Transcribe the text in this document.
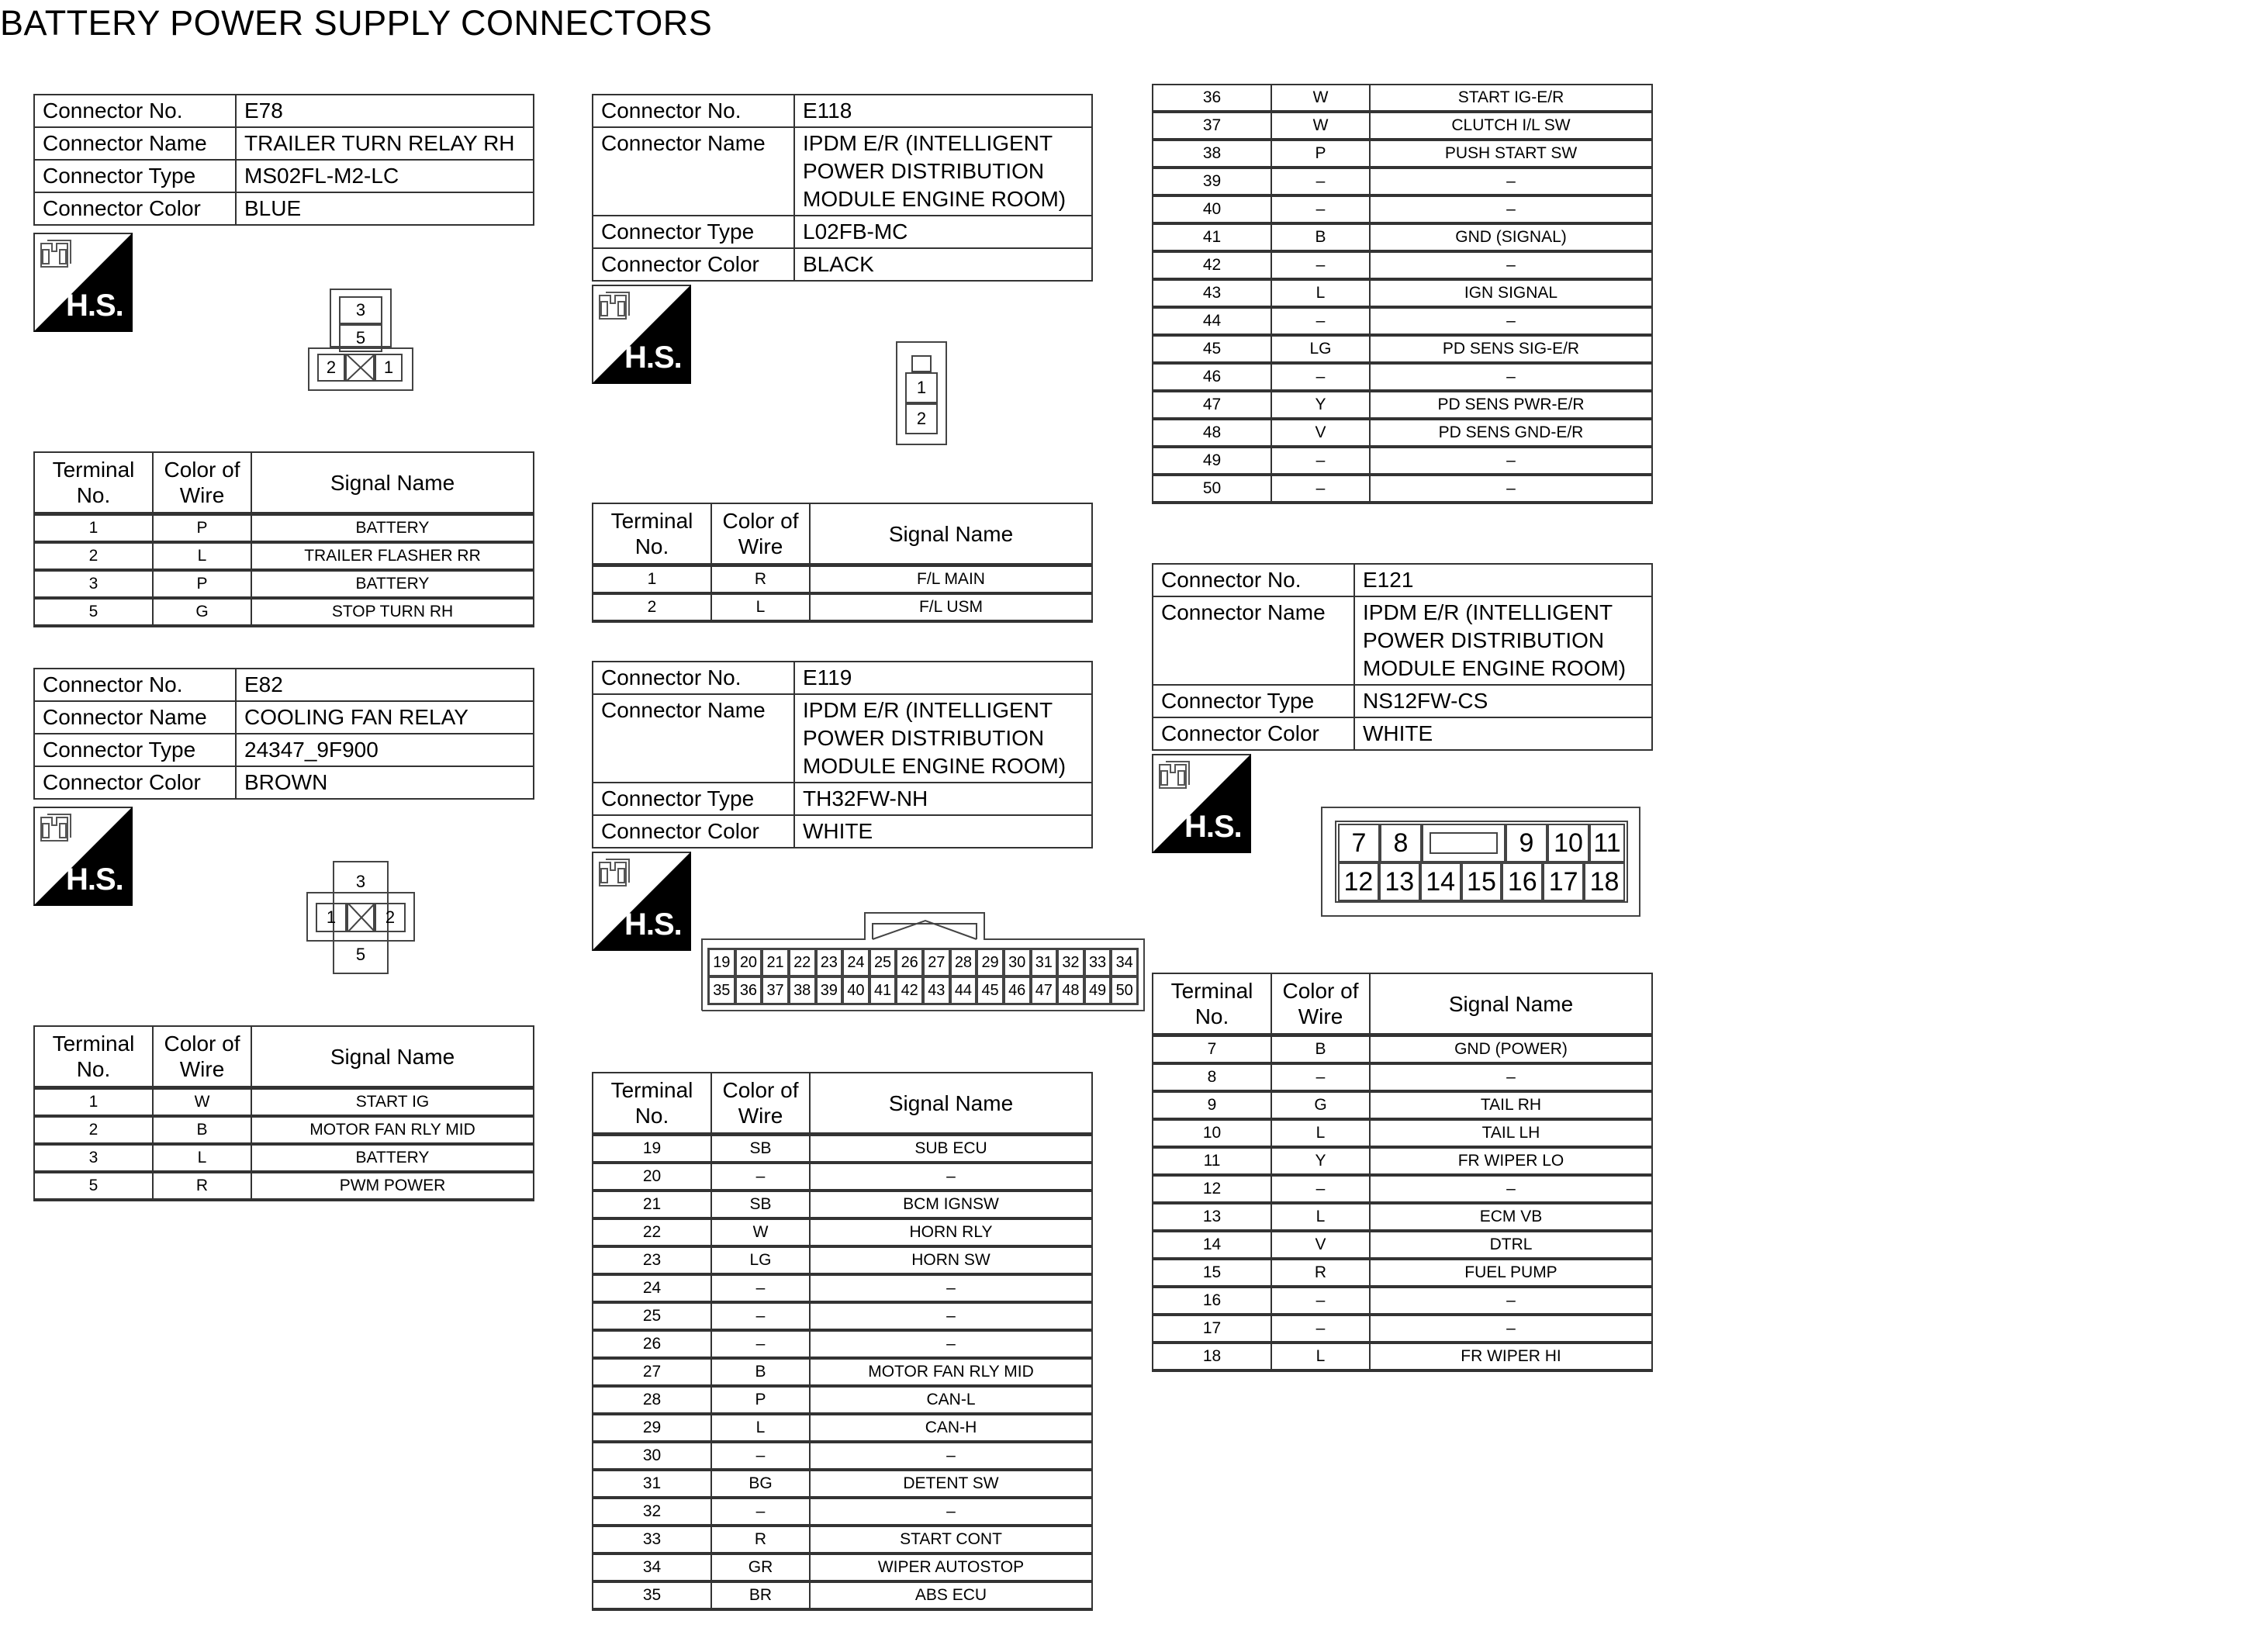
BATTERY POWER SUPPLY CONNECTORS
Connector No.	E78
Connector Name	TRAILER TURN RELAY RH
Connector Type	MS02FL-M2-LC
Connector Color	BLUE
H.S.	3
5
2	1
Terminal No.	Color of Wire	Signal Name
1	P	BATTERY
2	L	TRAILER FLASHER RR
3	P	BATTERY
5	G	STOP TURN RH
Connector No.	E82
Connector Name	COOLING FAN RELAY
Connector Type	24347_9F900
Connector Color	BROWN
H.S.	3
1	2
5
Terminal No.	Color of Wire	Signal Name
1	W	START IG
2	B	MOTOR FAN RLY MID
3	L	BATTERY
5	R	PWM POWER
Connector No.	E118
Connector Name	IPDM E/R (INTELLIGENT POWER DISTRIBUTION MODULE ENGINE ROOM)
Connector Type	L02FB-MC
Connector Color	BLACK
H.S.
1
2
Terminal No.	Color of Wire	Signal Name
1	R	F/L MAIN
2	L	F/L USM
Connector No.	E119
Connector Name	IPDM E/R (INTELLIGENT POWER DISTRIBUTION MODULE ENGINE ROOM)
Connector Type	TH32FW-NH
Connector Color	WHITE
H.S.
19 20 21 22 23 24 25 26 27 28 29 30 31 32 33 34
35 36 37 38 39 40 41 42 43 44 45 46 47 48 49 50
Terminal No.	Color of Wire	Signal Name
19	SB	SUB ECU
20	–	–
21	SB	BCM IGNSW
22	W	HORN RLY
23	LG	HORN SW
24	–	–
25	–	–
26	–	–
27	B	MOTOR FAN RLY MID
28	P	CAN-L
29	L	CAN-H
30	–	–
31	BG	DETENT SW
32	–	–
33	R	START CONT
34	GR	WIPER AUTOSTOP
35	BR	ABS ECU
36	W	START IG-E/R
37	W	CLUTCH I/L SW
38	P	PUSH START SW
39	–	–
40	–	–
41	B	GND (SIGNAL)
42	–	–
43	L	IGN SIGNAL
44	–	–
45	LG	PD SENS SIG-E/R
46	–	–
47	Y	PD SENS PWR-E/R
48	V	PD SENS GND-E/R
49	–	–
50	–	–
Connector No.	E121
Connector Name	IPDM E/R (INTELLIGENT POWER DISTRIBUTION MODULE ENGINE ROOM)
Connector Type	NS12FW-CS
Connector Color	WHITE
H.S.	7	8	9 10 11
12 13 14 15 16 17 18
Terminal No.	Color of Wire	Signal Name
7	B	GND (POWER)
8	–	–
9	G	TAIL RH
10	L	TAIL LH
11	Y	FR WIPER LO
12	–	–
13	L	ECM VB
14	V	DTRL
15	R	FUEL PUMP
16	–	–
17	–	–
18	L	FR WIPER HI
